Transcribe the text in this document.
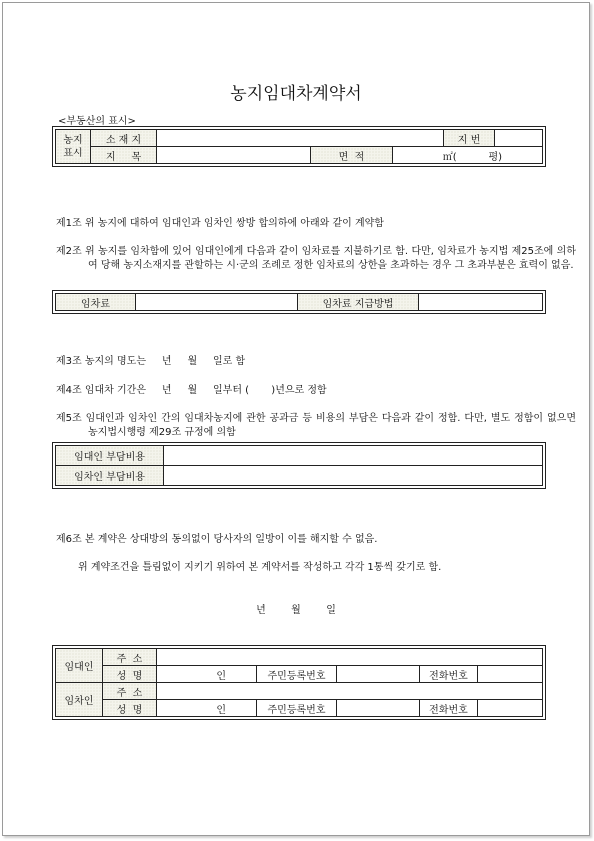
농지임대차계약서
<부동산의 표시>
농지
표시	소 재 지				지 번	
	지     목		면  적	㎡(          평)		
제1조 위 농지에 대하여 임대인과 임차인 쌍방 합의하에 아래와 같이 계약함
제2조 위 농지를 임차함에 있어 임대인에게 다음과 같이 임차료를 지불하기로 함. 다만, 임차료가 농지법 제25조에 의하여 당해 농지소재지를 관할하는 시·군의 조례로 정한 임차료의 상한을 초과하는 경우 그 초과부분은 효력이 없음.
임차료		임차료 지급방법	
제3조 농지의 명도는     년     월     일로 함
제4조 임대차 기간은     년     월     일부터 (       )년으로 정함
제5조 임대인과 임차인 간의 임대차농지에 관한 공과금 등 비용의 부담은 다음과 같이 정함. 다만, 별도 정함이 없으면 농지법시행령 제29조 규정에 의함
임대인 부담비용	
임차인 부담비용	
제6조 본 계약은 상대방의 동의없이 당사자의 일방이 이를 해지할 수 없음.
위 계약조건을 틀림없이 지키기 위하여 본 계약서를 작성하고 각각 1통씩 갖기로 함.
년        월        일
임대인	주  소					
	성  명	인	주민등록번호		전화번호	
임차인	주  소					
	성  명	인	주민등록번호		전화번호	
